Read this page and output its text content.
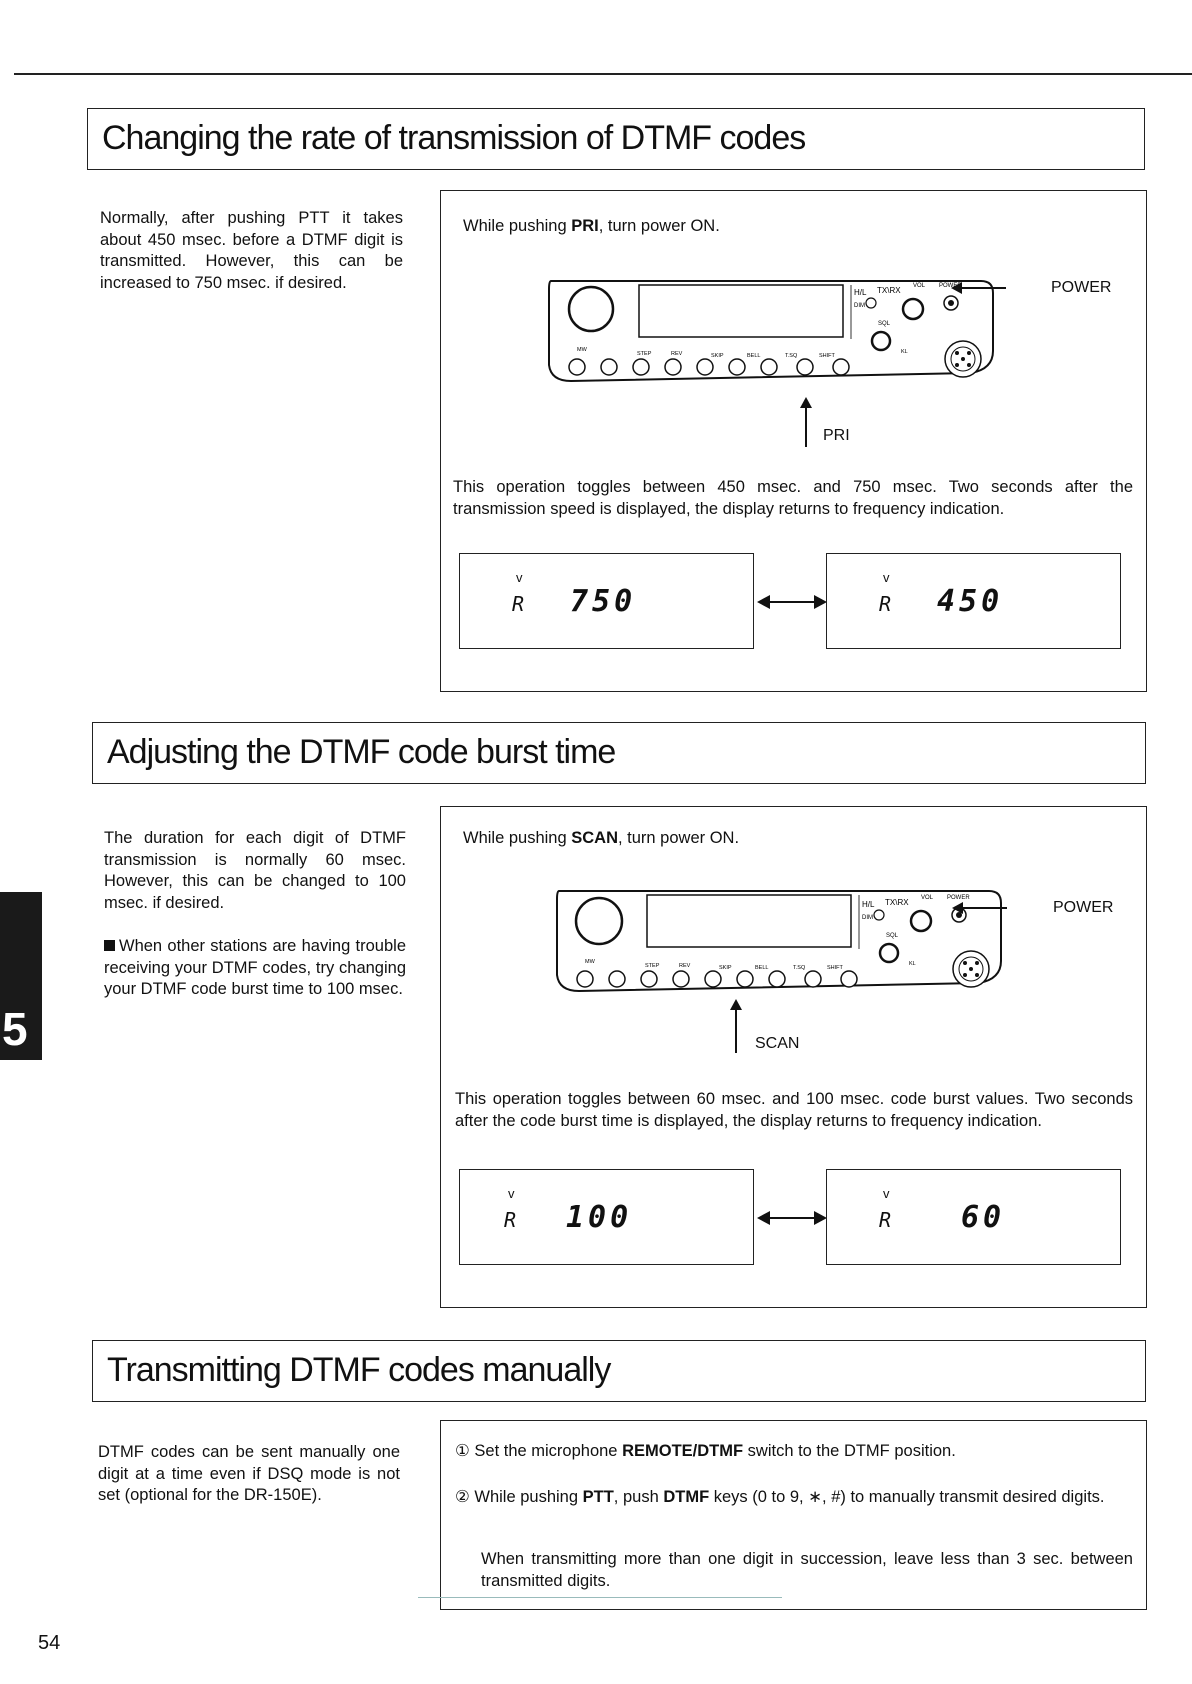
Changing the rate of transmission of DTMF codes
Normally, after pushing PTT it takes about 450 msec. before a DTMF digit is transmitted. However, this can be increased to 750 msec. if desired.
While pushing PRI, turn power ON.
H/L TX\RX VOL POWER
DIM
SQL
MW
STEP	REV	SKIP	BELL	T.SQ	SHIFT
KL
POWER
PRI
This operation toggles between 450 msec. and 750 msec. Two seconds after the transmission speed is displayed, the display returns to frequency indication.
v
R 750
v
R 450
Adjusting the DTMF code burst time
The duration for each digit of DTMF transmission is normally 60 msec. However, this can be changed to 100 msec. if desired.
When other stations are having trouble receiving your DTMF codes, try changing your DTMF code burst time to 100 msec.
5
While pushing SCAN, turn power ON.
H/L TX\RX VOL POWER
DIM
SQL
MW
STEP	REV	SKIP	BELL	T.SQ	SHIFT
KL
POWER
SCAN
This operation toggles between 60 msec. and 100 msec. code burst values. Two seconds after the code burst time is displayed, the display returns to frequency indication.
v
R 100
v
R 60
Transmitting DTMF codes manually
DTMF codes can be sent manually one digit at a time even if DSQ mode is not set (optional for the DR-150E).
① Set the microphone REMOTE/DTMF switch to the DTMF position.
② While pushing PTT, push DTMF keys (0 to 9, ∗, #) to manually transmit desired digits.
When transmitting more than one digit in succession, leave less than 3 sec. between transmitted digits.
54
